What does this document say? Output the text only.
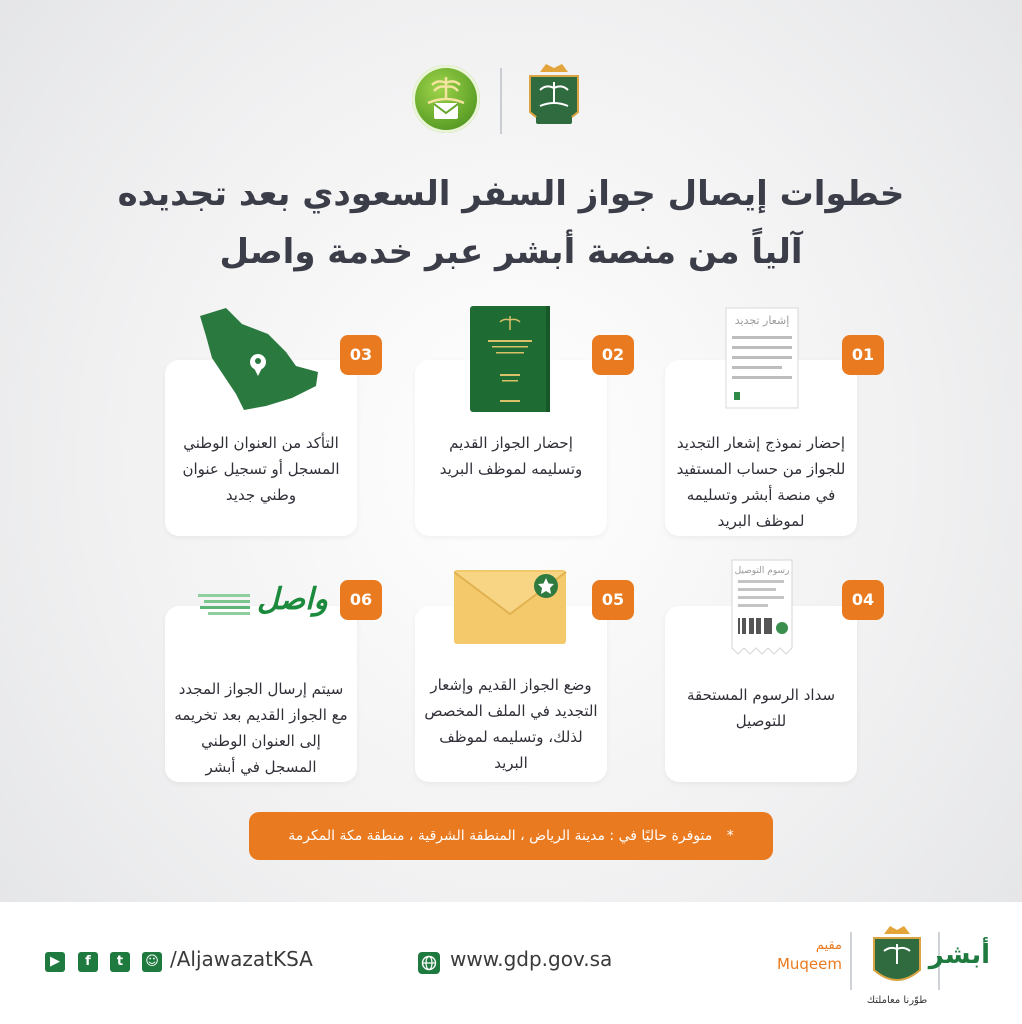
خطوات إيصال جواز السفر السعودي بعد تجديده
آلياً من منصة أبشر عبر خدمة واصل
إحضار نموذج إشعار التجديد للجواز من حساب المستفيد في منصة أبشر وتسليمه لموظف البريد
01
إشعار تجديد
إحضار الجواز القديم وتسليمه لموظف البريد
02
التأكد من العنوان الوطني المسجل أو تسجيل عنوان وطني جديد
03
سداد الرسوم المستحقة للتوصيل
04
رسوم التوصيل
وضع الجواز القديم وإشعار التجديد في الملف المخصص لذلك، وتسليمه لموظف البريد
05
سيتم إرسال الجواز المجدد مع الجواز القديم بعد تخريمه إلى العنوان الوطني المسجل في أبشر
06
واصل
* متوفرة حاليًا في : مدينة الرياض ، المنطقة الشرقية ، منطقة مكة المكرمة
▶	f	t	☺ /AljawazatKSA	www.gdp.gov.sa
مقيم
Muqeem
طوّرنا معاملتك
أبشر
